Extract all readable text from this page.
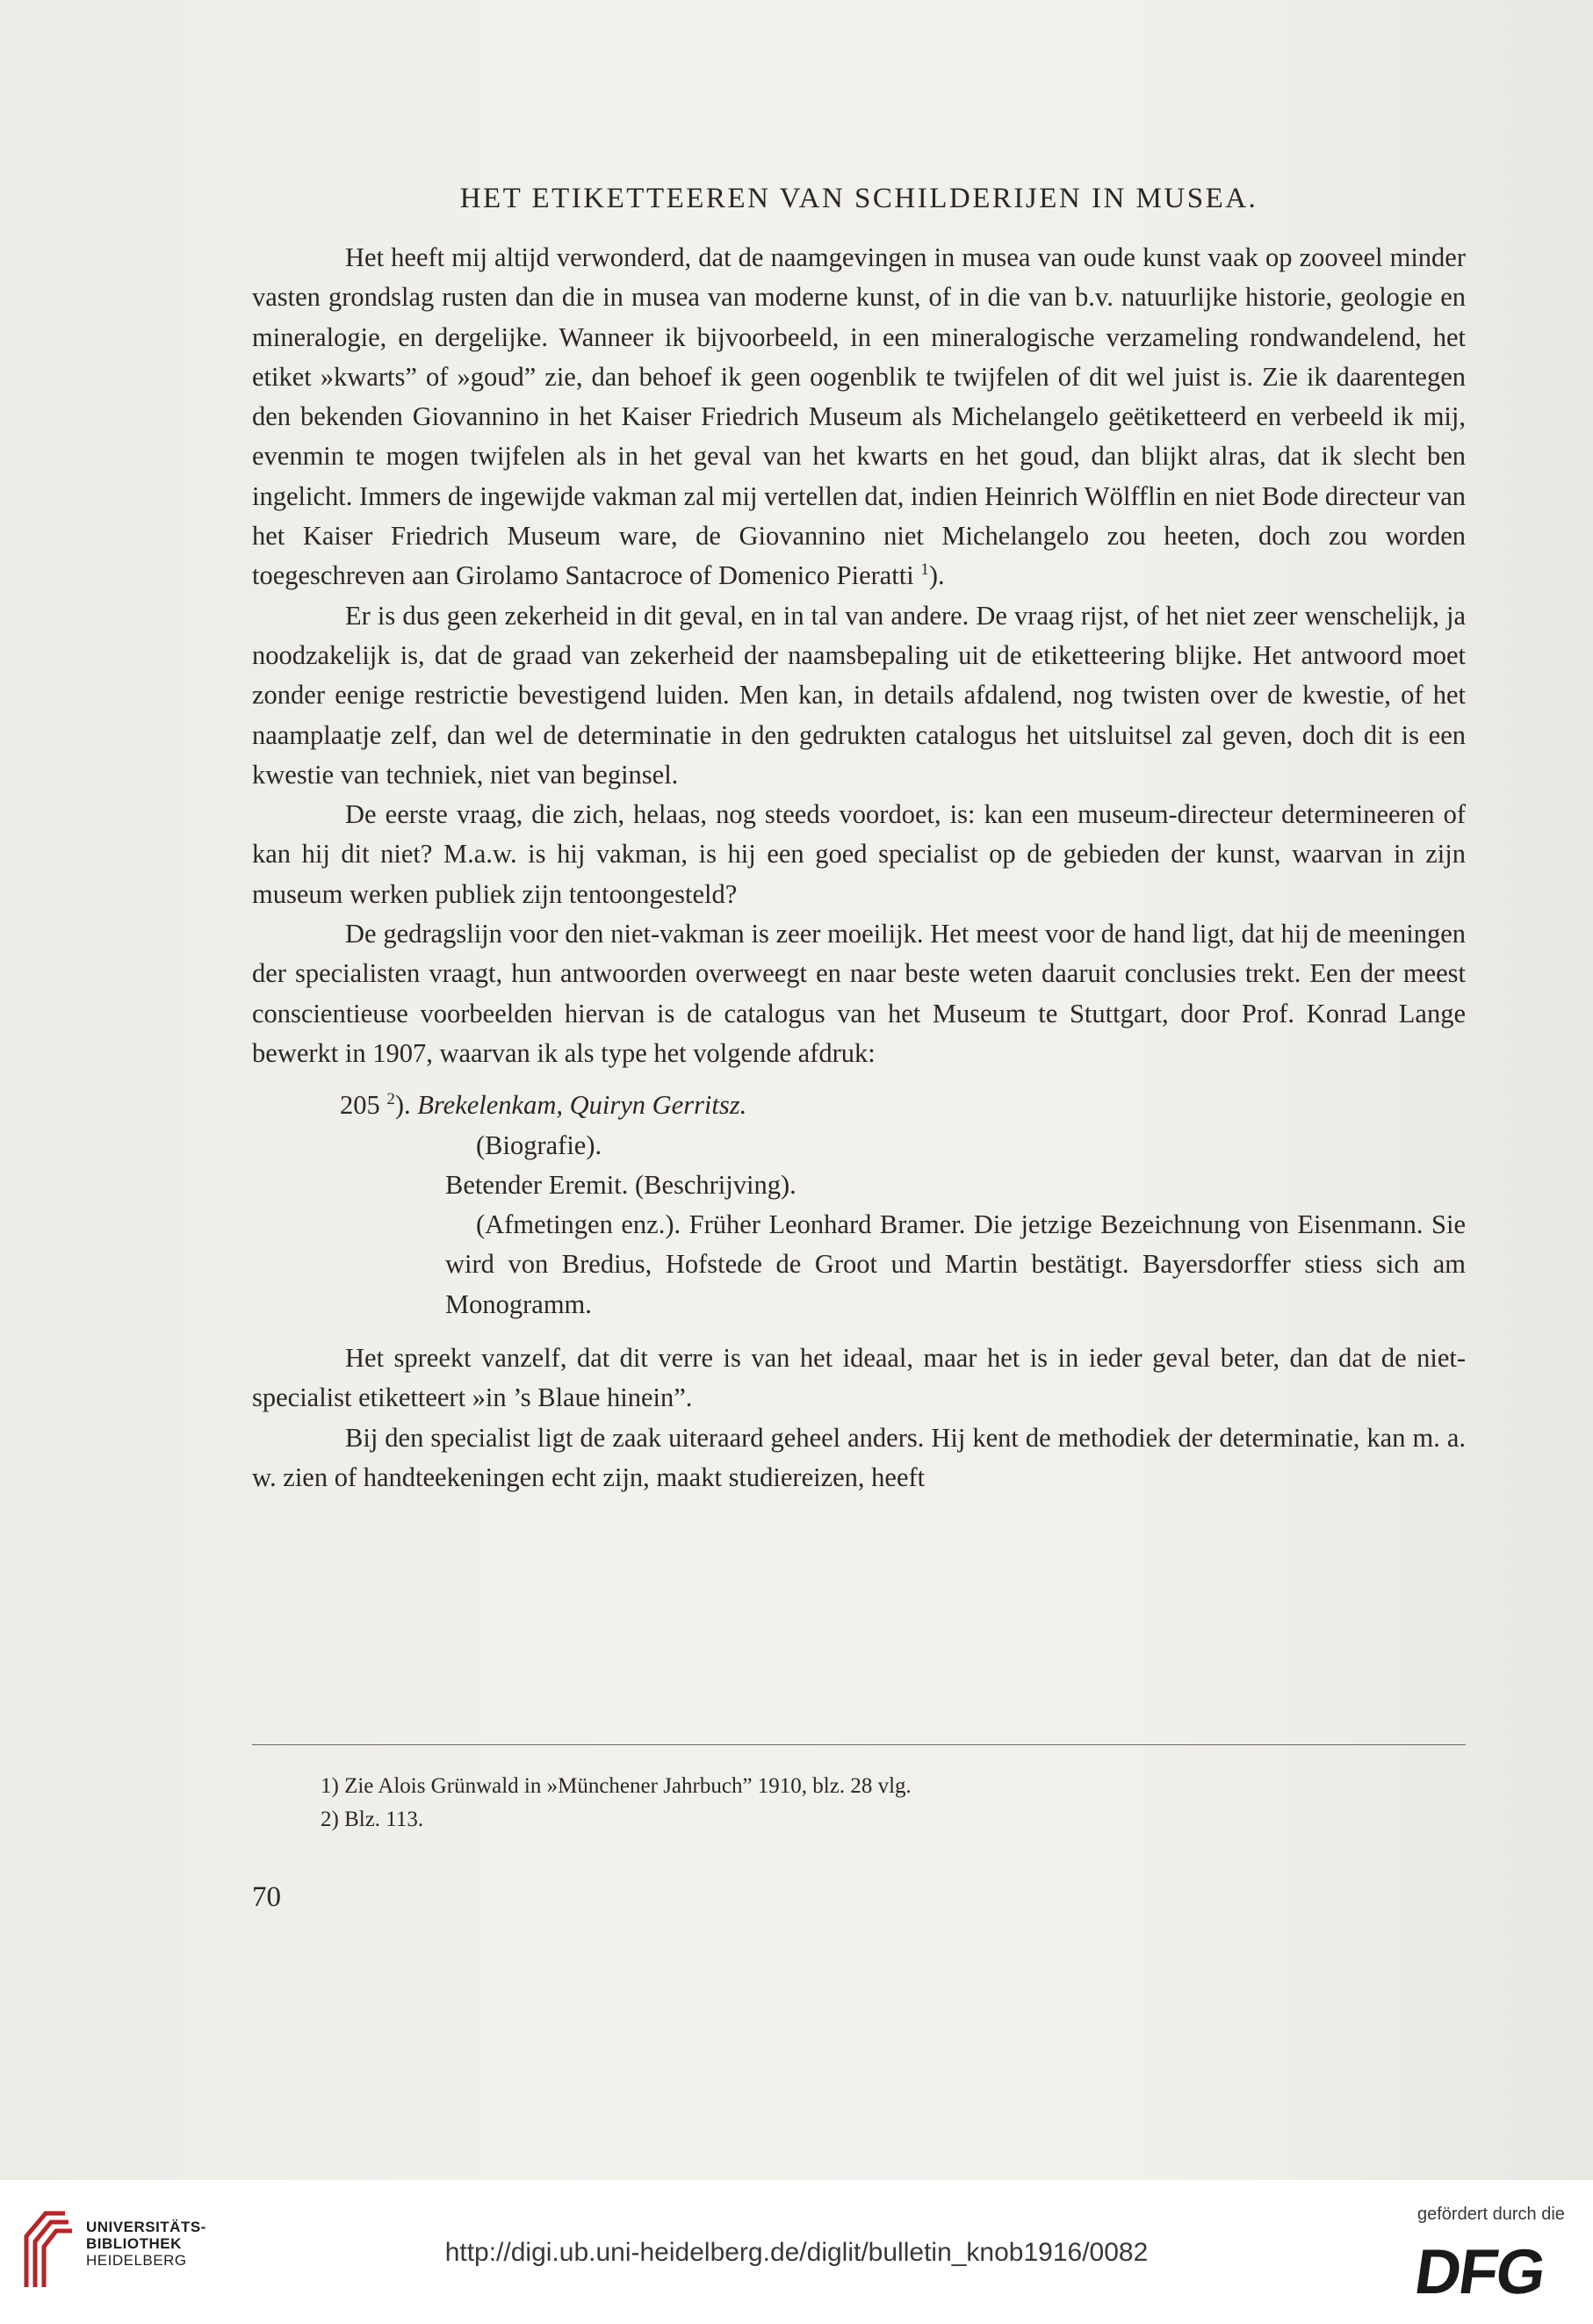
HET ETIKETTEEREN VAN SCHILDERIJEN IN MUSEA.

Het heeft mij altijd verwonderd, dat de naamgevingen in musea van oude kunst vaak op zooveel minder vasten grondslag rusten dan die in musea van moderne kunst, of in die van b.v. natuurlijke historie, geologie en mineralogie, en dergelijke. Wanneer ik bijvoorbeeld, in een mineralogische verzameling rondwandelend, het etiket »kwarts” of »goud” zie, dan behoef ik geen oogenblik te twijfelen of dit wel juist is. Zie ik daarentegen den bekenden Giovannino in het Kaiser Friedrich Museum als Michelangelo geëtiketteerd en verbeeld ik mij, evenmin te mogen twijfelen als in het geval van het kwarts en het goud, dan blijkt alras, dat ik slecht ben ingelicht. Immers de ingewijde vakman zal mij vertellen dat, indien Heinrich Wölfflin en niet Bode directeur van het Kaiser Friedrich Museum ware, de Giovannino niet Michelangelo zou heeten, doch zou worden toegeschreven aan Girolamo Santacroce of Domenico Pieratti $^1$).

Er is dus geen zekerheid in dit geval, en in tal van andere. De vraag rijst, of het niet zeer wenschelijk, ja noodzakelijk is, dat de graad van zekerheid der naamsbepaling uit de etiketteering blijke. Het antwoord moet zonder eenige restrictie bevestigend luiden. Men kan, in details afdalend, nog twisten over de kwestie, of het naamplaatje zelf, dan wel de determinatie in den gedrukten catalogus het uitsluitsel zal geven, doch dit is een kwestie van techniek, niet van beginsel.

De eerste vraag, die zich, helaas, nog steeds voordoet, is: kan een museum-directeur determineeren of kan hij dit niet? M.a.w. is hij vakman, is hij een goed specialist op de gebieden der kunst, waarvan in zijn museum werken publiek zijn tentoongesteld?

De gedragslijn voor den niet-vakman is zeer moeilijk. Het meest voor de hand ligt, dat hij de meeningen der specialisten vraagt, hun antwoorden overweegt en naar beste weten daaruit conclusies trekt. Een der meest conscientieuse voorbeelden hiervan is de catalogus van het Museum te Stuttgart, door Prof. Konrad Lange bewerkt in 1907, waarvan ik als type het volgende afdruk:

205 $^2$). Brekelenkam, Quiryn Gerritsz.
(Biografie).
Betender Eremit. (Beschrijving).
(Afmetingen enz.). Früher Leonhard Bramer. Die jetzige Bezeichnung von Eisenmann. Sie wird von Bredius, Hofstede de Groot und Martin bestätigt. Bayersdorffer stiess sich am Monogramm.

Het spreekt vanzelf, dat dit verre is van het ideaal, maar het is in ieder geval beter, dan dat de niet-specialist etiketteert »in ’s Blaue hinein”.

Bij den specialist ligt de zaak uiteraard geheel anders. Hij kent de methodiek der determinatie, kan m. a. w. zien of handteekeningen echt zijn, maakt studiereizen, heeft

1) Zie Alois Grünwald in »Münchener Jahrbuch” 1910, blz. 28 vlg.
2) Blz. 113.
70
UNIVERSITÄTS-
BIBLIOTHEK
HEIDELBERG	http://digi.ub.uni-heidelberg.de/diglit/bulletin_knob1916/0082
gefördert durch die
DFG
